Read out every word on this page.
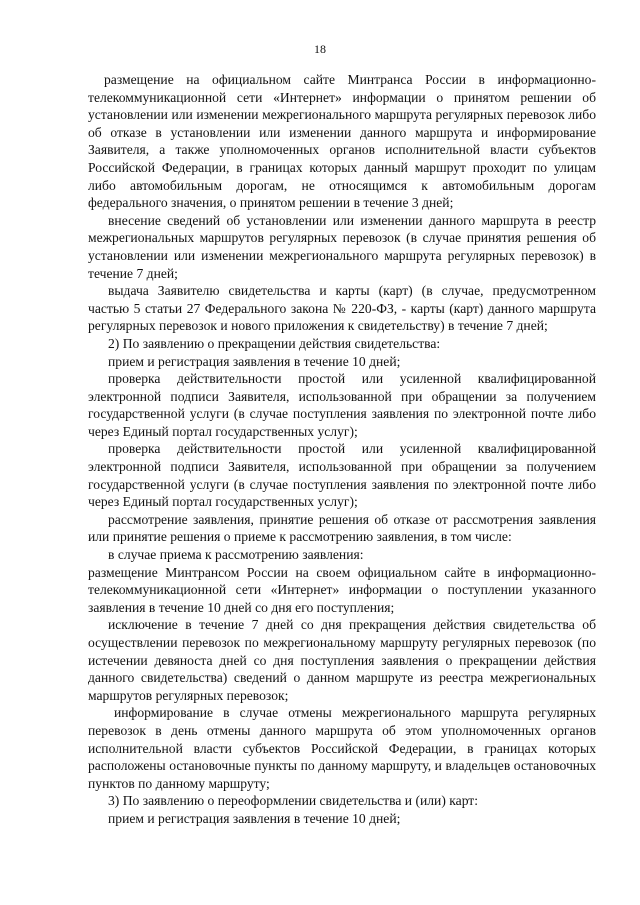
18

размещение на официальном сайте Минтранса России в информационно-телекоммуникационной сети «Интернет» информации о принятом решении об установлении или изменении межрегионального маршрута регулярных перевозок либо об отказе в установлении или изменении данного маршрута и информирование Заявителя, а также уполномоченных органов исполнительной власти субъектов Российской Федерации, в границах которых данный маршрут проходит по улицам либо автомобильным дорогам, не относящимся к автомобильным дорогам федерального значения, о принятом решении в течение 3 дней;

внесение сведений об установлении или изменении данного маршрута в реестр межрегиональных маршрутов регулярных перевозок (в случае принятия решения об установлении или изменении межрегионального маршрута регулярных перевозок) в течение 7 дней;

выдача Заявителю свидетельства и карты (карт) (в случае, предусмотренном частью 5 статьи 27 Федерального закона № 220-ФЗ, - карты (карт) данного маршрута регулярных перевозок и нового приложения к свидетельству) в течение 7 дней;

2) По заявлению о прекращении действия свидетельства:

прием и регистрация заявления в течение 10 дней;

проверка действительности простой или усиленной квалифицированной электронной подписи Заявителя, использованной при обращении за получением государственной услуги (в случае поступления заявления по электронной почте либо через Единый портал государственных услуг);

проверка действительности простой или усиленной квалифицированной электронной подписи Заявителя, использованной при обращении за получением государственной услуги (в случае поступления заявления по электронной почте либо через Единый портал государственных услуг);

рассмотрение заявления, принятие решения об отказе от рассмотрения заявления или принятие решения о приеме к рассмотрению заявления, в том числе:

в случае приема к рассмотрению заявления:

размещение Минтрансом России на своем официальном сайте в информационно-телекоммуникационной сети «Интернет» информации о поступлении указанного заявления в течение 10 дней со дня его поступления;

исключение в течение 7 дней со дня прекращения действия свидетельства об осуществлении перевозок по межрегиональному маршруту регулярных перевозок (по истечении девяноста дней со дня поступления заявления о прекращении действия данного свидетельства) сведений о данном маршруте из реестра межрегиональных маршрутов регулярных перевозок;

информирование в случае отмены межрегионального маршрута регулярных перевозок в день отмены данного маршрута об этом уполномоченных органов исполнительной власти субъектов Российской Федерации, в границах которых расположены остановочные пункты по данному маршруту, и владельцев остановочных пунктов по данному маршруту;

3) По заявлению о переоформлении свидетельства и (или) карт:

прием и регистрация заявления в течение 10 дней;
